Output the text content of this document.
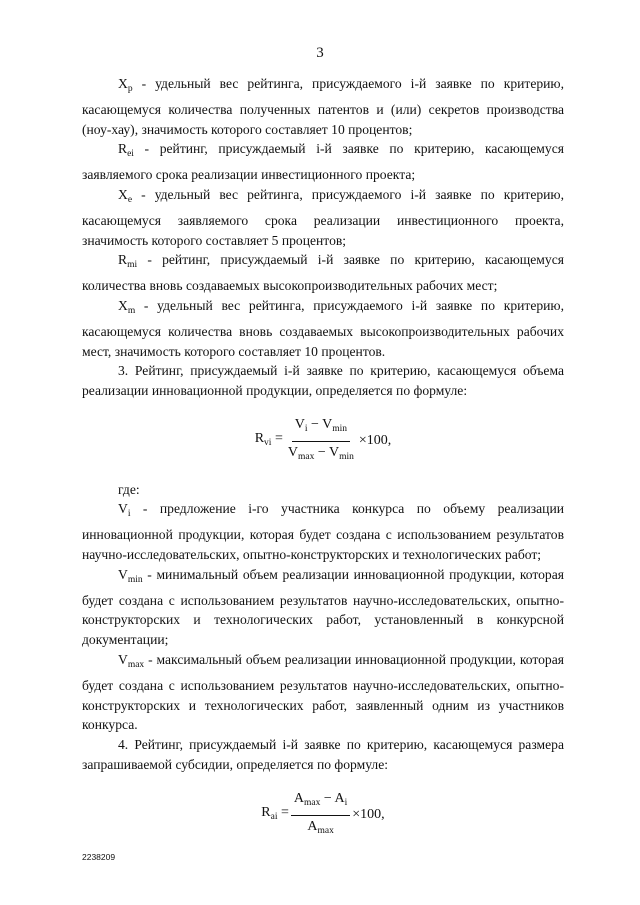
3

$X_p$ - удельный вес рейтинга, присуждаемого i-й заявке по критерию, касающемуся количества полученных патентов и (или) секретов производства (ноу-хау), значимость которого составляет 10 процентов;

$R_{ei}$ - рейтинг, присуждаемый i-й заявке по критерию, касающемуся заявляемого срока реализации инвестиционного проекта;

$X_e$ - удельный вес рейтинга, присуждаемого i-й заявке по критерию, касающемуся заявляемого срока реализации инвестиционного проекта, значимость которого составляет 5 процентов;

$R_{mi}$ - рейтинг, присуждаемый i-й заявке по критерию, касающемуся количества вновь создаваемых высокопроизводительных рабочих мест;

$X_m$ - удельный вес рейтинга, присуждаемого i-й заявке по критерию, касающемуся количества вновь создаваемых высокопроизводительных рабочих мест, значимость которого составляет 10 процентов.

3. Рейтинг, присуждаемый i-й заявке по критерию, касающемуся объема реализации инновационной продукции, определяется по формуле:

$R_{vi} = \frac{V_i - V_{min}}{V_{max} - V_{min}} \times 100$,

где:

$V_i$ - предложение i-го участника конкурса по объему реализации инновационной продукции, которая будет создана с использованием результатов научно-исследовательских, опытно-конструкторских и технологических работ;

$V_{min}$ - минимальный объем реализации инновационной продукции, которая будет создана с использованием результатов научно-исследовательских, опытно-конструкторских и технологических работ, установленный в конкурсной документации;

$V_{max}$ - максимальный объем реализации инновационной продукции, которая будет создана с использованием результатов научно-исследовательских, опытно-конструкторских и технологических работ, заявленный одним из участников конкурса.

4. Рейтинг, присуждаемый i-й заявке по критерию, касающемуся размера запрашиваемой субсидии, определяется по формуле:

$R_{ai} = \frac{A_{max} - A_i}{A_{max}} \times 100$,
2238209
